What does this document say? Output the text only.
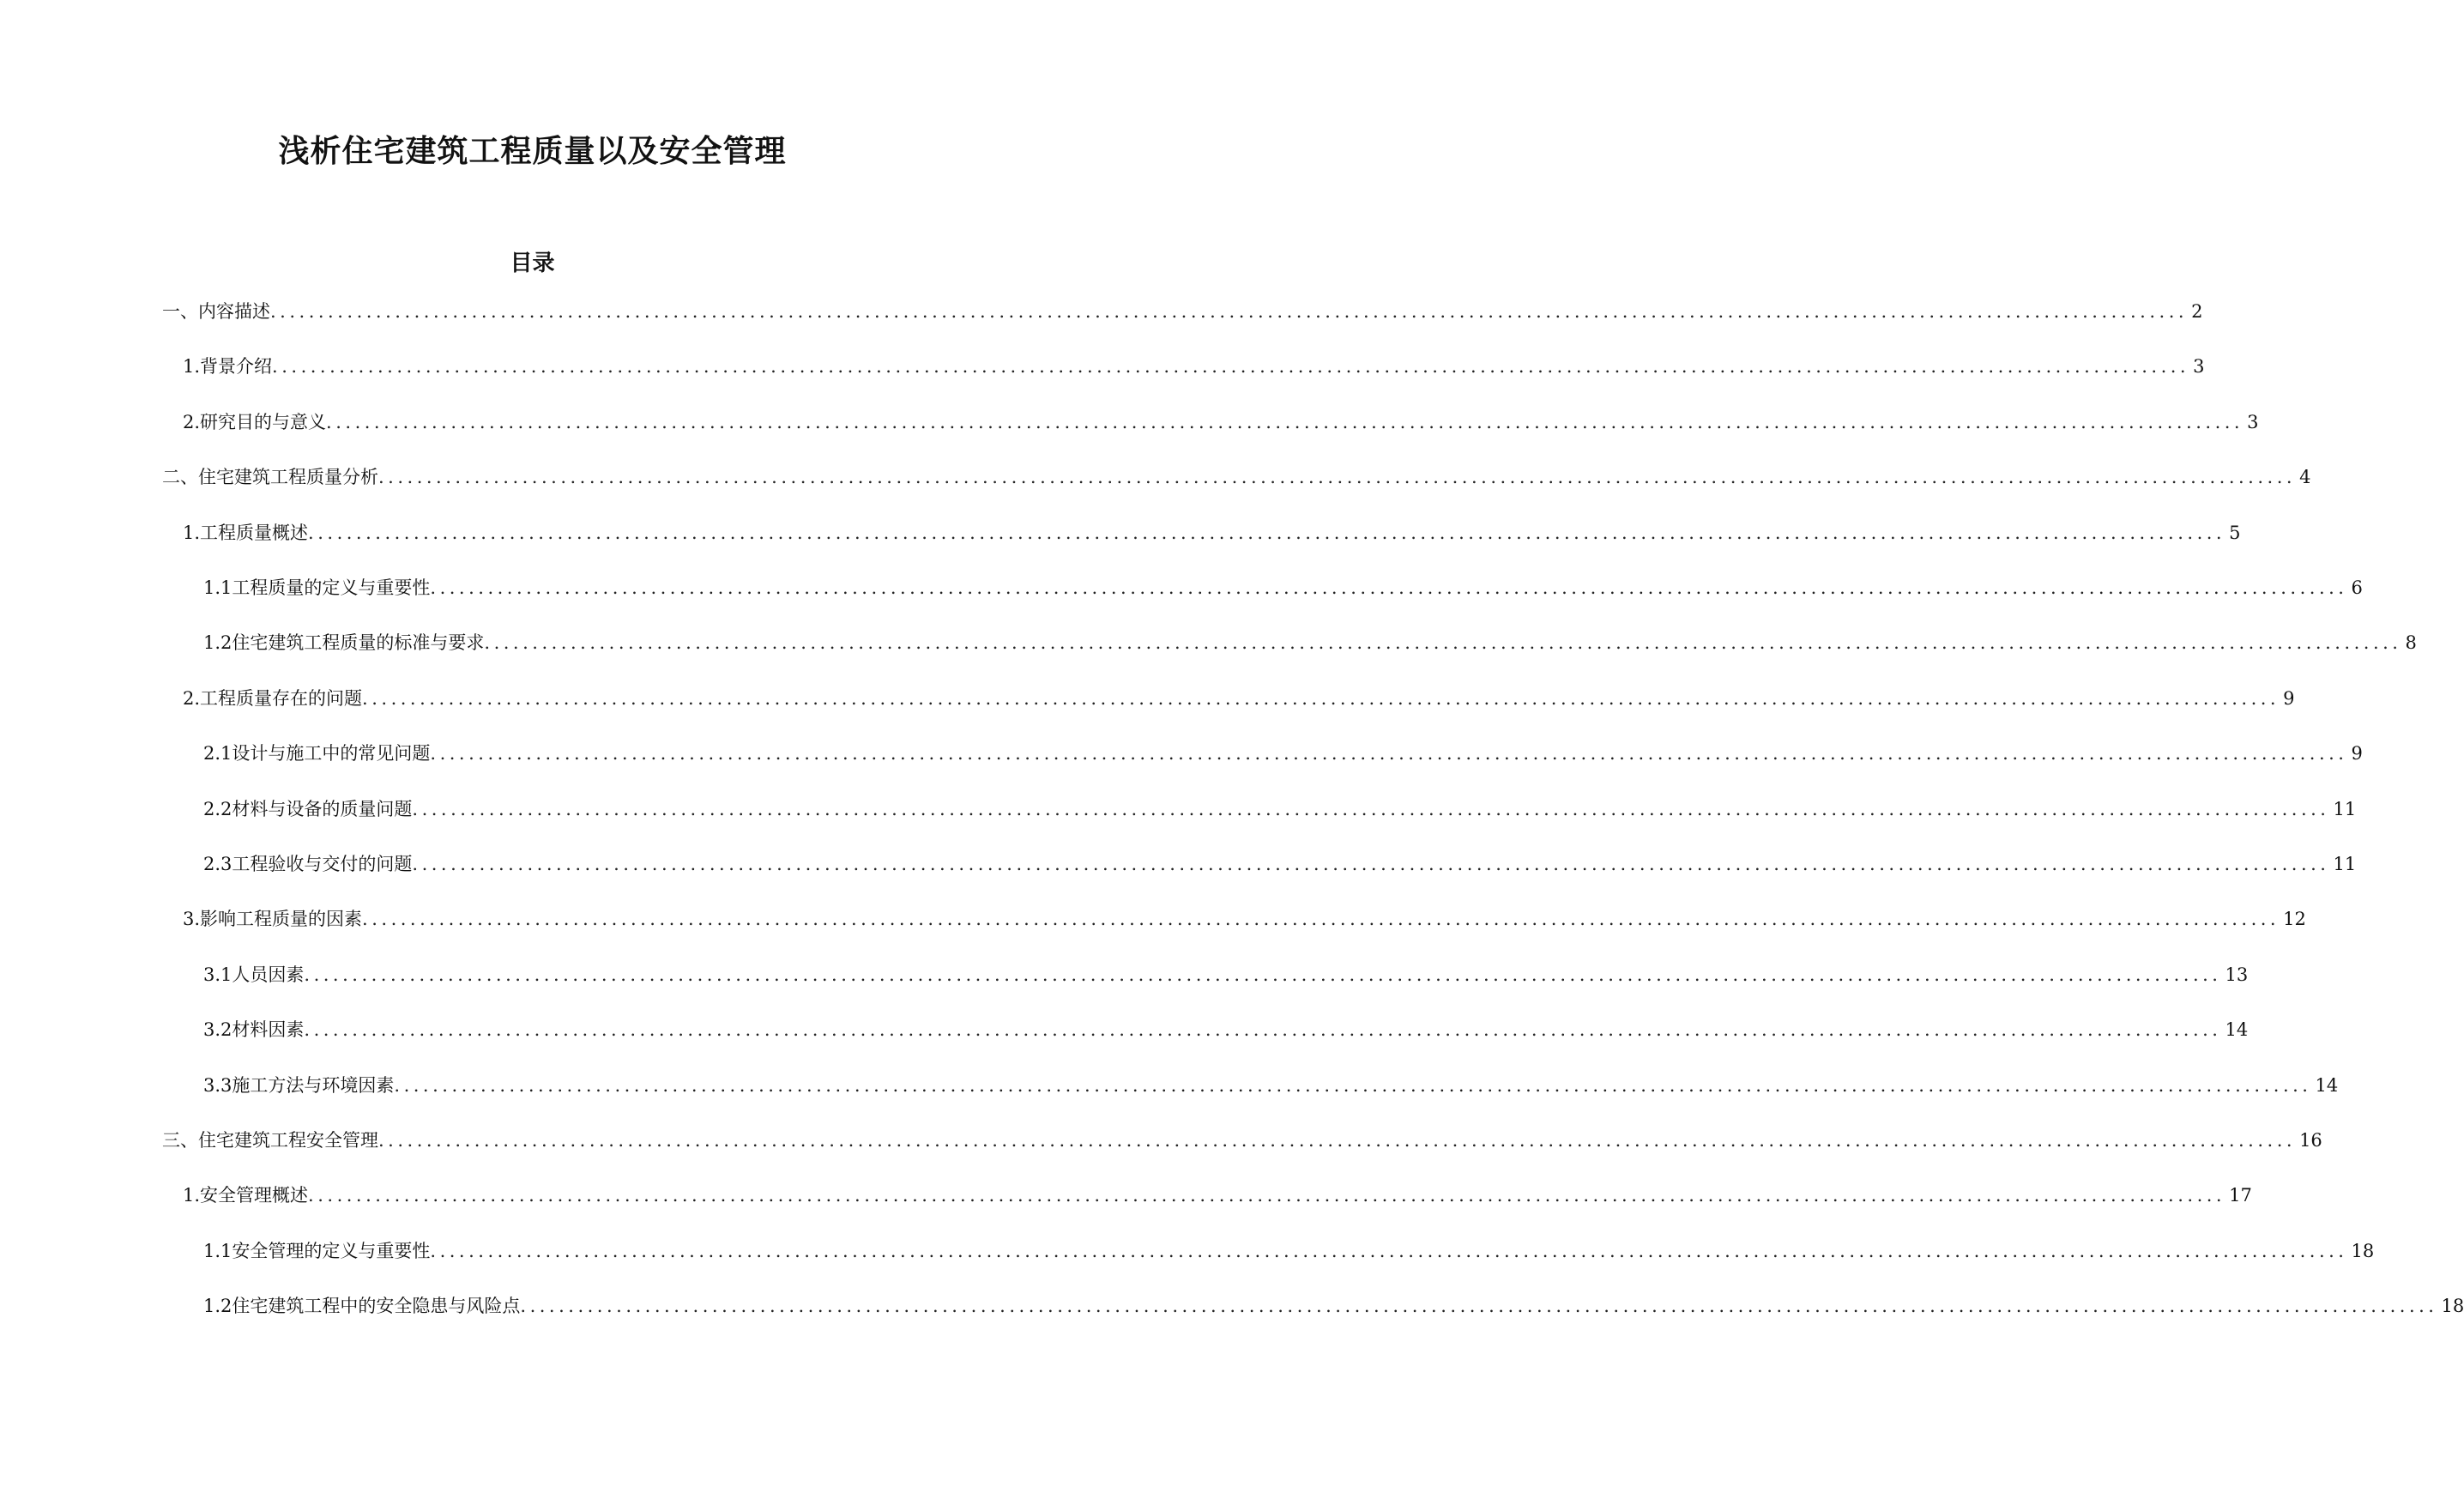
浅析住宅建筑工程质量以及安全管理
目录
一、内容描述 ........................................................................................................................................................................................................ 2
1. 背景介绍 ........................................................................................................................................................................................................ 3
2. 研究目的与意义 ........................................................................................................................................................................................................ 3
二、住宅建筑工程质量分析 ........................................................................................................................................................................................................ 4
1. 工程质量概述 ........................................................................................................................................................................................................ 5
1.1 工程质量的定义与重要性 ........................................................................................................................................................................................................ 6
1.2 住宅建筑工程质量的标准与要求 ........................................................................................................................................................................................................ 8
2. 工程质量存在的问题 ........................................................................................................................................................................................................ 9
2.1 设计与施工中的常见问题 ........................................................................................................................................................................................................ 9
2.2 材料与设备的质量问题 ........................................................................................................................................................................................................ 11
2.3 工程验收与交付的问题 ........................................................................................................................................................................................................ 11
3. 影响工程质量的因素 ........................................................................................................................................................................................................ 12
3.1 人员因素 ........................................................................................................................................................................................................ 13
3.2 材料因素 ........................................................................................................................................................................................................ 14
3.3 施工方法与环境因素 ........................................................................................................................................................................................................ 14
三、住宅建筑工程安全管理 ........................................................................................................................................................................................................ 16
1. 安全管理概述 ........................................................................................................................................................................................................ 17
1.1 安全管理的定义与重要性 ........................................................................................................................................................................................................ 18
1.2 住宅建筑工程中的安全隐患与风险点 ........................................................................................................................................................................................................ 18
